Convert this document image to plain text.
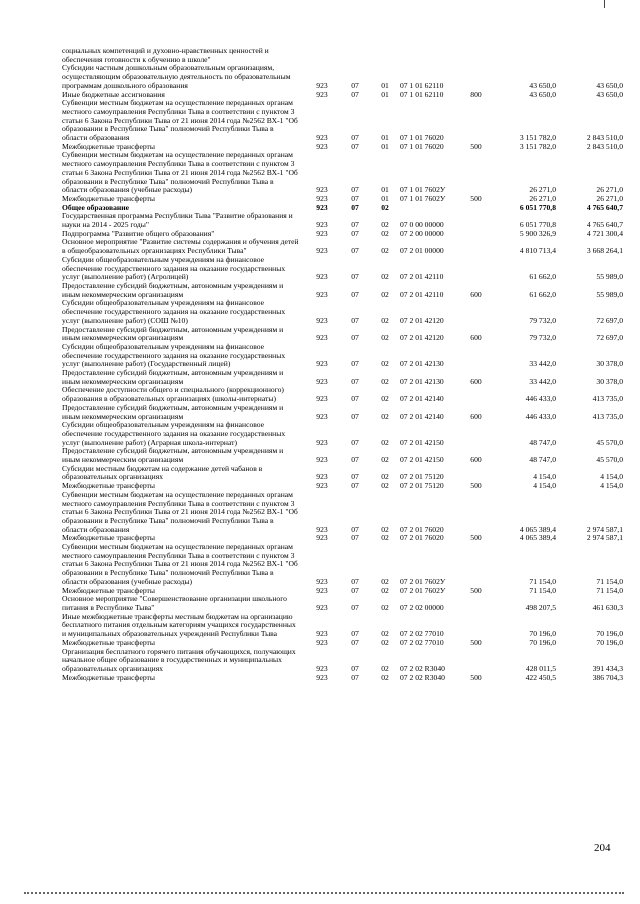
социальных компетенций и духовно-нравственных ценностей и обеспечения готовности к обучению в школе"							
Субсидии частным дошкольным образовательным организациям, осуществляющим образовательную деятельность по образовательным программам дошкольного образования	923	07	01	07 1 01 62110		43 650,0	43 650,0
Иные бюджетные ассигнования	923	07	01	07 1 01 62110	800	43 650,0	43 650,0
Субвенции местным бюджетам на осуществление переданных органам местного самоуправления Республики Тыва в соответствии с пунктом 3 статьи 6 Закона Республики Тыва от 21 июня 2014 года №2562 ВХ-1 "Об образовании в Республике Тыва" полномочий Республики Тыва в области образования	923	07	01	07 1 01 76020		3 151 782,0	2 843 510,0
Межбюджетные трансферты	923	07	01	07 1 01 76020	500	3 151 782,0	2 843 510,0
Субвенции местным бюджетам на осуществление переданных органам местного самоуправления Республики Тыва в соответствии с пунктом 3 статьи 6 Закона Республики Тыва от 21 июня 2014 года №2562 ВХ-1 "Об образовании в Республике Тыва" полномочий Республики Тыва в области образования (учебные расходы)	923	07	01	07 1 01 7602У		26 271,0	26 271,0
Межбюджетные трансферты	923	07	01	07 1 01 7602У	500	26 271,0	26 271,0
Общее образование	923	07	02			6 051 770,8	4 765 640,7
Государственная программа Республики Тыва "Развитие образования и науки на 2014 - 2025 годы"	923	07	02	07 0 00 00000		6 051 770,8	4 765 640,7
Подпрограмма "Развитие общего образования"	923	07	02	07 2 00 00000		5 900 326,9	4 721 300,4
Основное мероприятие "Развитие системы содержания и обучения детей в общеобразовательных организациях Республики Тыва"	923	07	02	07 2 01 00000		4 810 713,4	3 668 264,1
Субсидии общеобразовательным учреждениям на финансовое обеспечение государственного задания на оказание государственных услуг (выполнение работ) (Агролицей)	923	07	02	07 2 01 42110		61 662,0	55 989,0
Предоставление субсидий бюджетным, автономным учреждениям и иным некоммерческим организациям	923	07	02	07 2 01 42110	600	61 662,0	55 989,0
Субсидии общеобразовательным учреждениям на финансовое обеспечение государственного задания на оказание государственных услуг (выполнение работ) (СОШ №10)	923	07	02	07 2 01 42120		79 732,0	72 697,0
Предоставление субсидий бюджетным, автономным учреждениям и иным некоммерческим организациям	923	07	02	07 2 01 42120	600	79 732,0	72 697,0
Субсидии общеобразовательным учреждениям на финансовое обеспечение государственного задания на оказание государственных услуг (выполнение работ) (Государственный лицей)	923	07	02	07 2 01 42130		33 442,0	30 378,0
Предоставление субсидий бюджетным, автономным учреждениям и иным некоммерческим организациям	923	07	02	07 2 01 42130	600	33 442,0	30 378,0
Обеспечение доступности общего и специального (коррекционного) образования в образовательных организациях (школы-интернаты)	923	07	02	07 2 01 42140		446 433,0	413 735,0
Предоставление субсидий бюджетным, автономным учреждениям и иным некоммерческим организациям	923	07	02	07 2 01 42140	600	446 433,0	413 735,0
Субсидии общеобразовательным учреждениям на финансовое обеспечение государственного задания на оказание государственных услуг (выполнение работ) (Аграрная школа-интернат)	923	07	02	07 2 01 42150		48 747,0	45 570,0
Предоставление субсидий бюджетным, автономным учреждениям и иным некоммерческим организациям	923	07	02	07 2 01 42150	600	48 747,0	45 570,0
Субсидии местным бюджетам на содержание детей чабанов в образовательных организациях	923	07	02	07 2 01 75120		4 154,0	4 154,0
Межбюджетные трансферты	923	07	02	07 2 01 75120	500	4 154,0	4 154,0
Субвенции местным бюджетам на осуществление переданных органам местного самоуправления Республики Тыва в соответствии с пунктом 3 статьи 6 Закона Республики Тыва от 21 июня 2014 года №2562 ВХ-1 "Об образовании в Республике Тыва" полномочий Республики Тыва в области образования	923	07	02	07 2 01 76020		4 065 389,4	2 974 587,1
Межбюджетные трансферты	923	07	02	07 2 01 76020	500	4 065 389,4	2 974 587,1
Субвенции местным бюджетам на осуществление переданных органам местного самоуправления Республики Тыва в соответствии с пунктом 3 статьи 6 Закона Республики Тыва от 21 июня 2014 года №2562 ВХ-1 "Об образовании в Республике Тыва" полномочий Республики Тыва в области образования (учебные расходы)	923	07	02	07 2 01 7602У		71 154,0	71 154,0
Межбюджетные трансферты	923	07	02	07 2 01 7602У	500	71 154,0	71 154,0
Основное мероприятие "Совершенствование организации школьного питания в Республике Тыва"	923	07	02	07 2 02 00000		498 207,5	461 630,3
Иные межбюджетные трансферты местным бюджетам на организацию бесплатного питания отдельным категориям учащихся государственных и муниципальных образовательных учреждений Республики Тыва	923	07	02	07 2 02 77010		70 196,0	70 196,0
Межбюджетные трансферты	923	07	02	07 2 02 77010	500	70 196,0	70 196,0
Организация бесплатного горячего питания обучающихся, получающих начальное общее образование в государственных и муниципальных образовательных организациях	923	07	02	07 2 02 R3040		428 011,5	391 434,3
Межбюджетные трансферты	923	07	02	07 2 02 R3040	500	422 450,5	386 704,3
204
